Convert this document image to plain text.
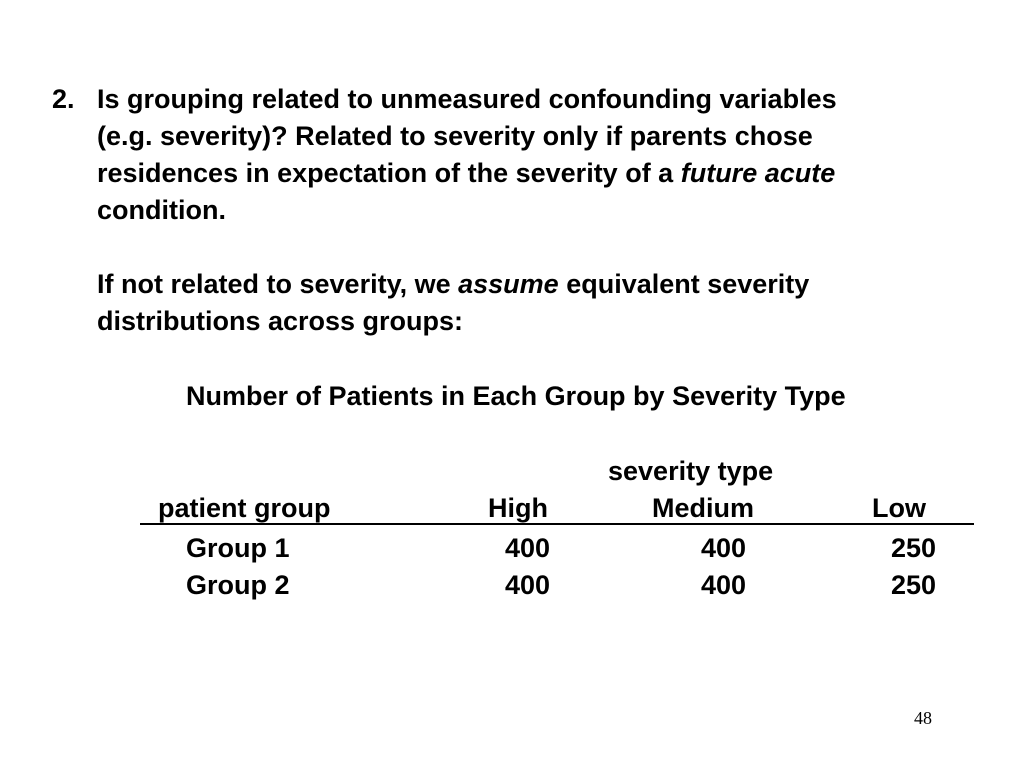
2. Is grouping related to unmeasured confounding variables
(e.g. severity)? Related to severity only if parents chose
residences in expectation of the severity of a future acute
condition.
If not related to severity, we assume equivalent severity
distributions across groups:
Number of Patients in Each Group by Severity Type
severity type
patient group	High	Medium	Low
Group 1	400	400	250
Group 2	400	400	250
48
